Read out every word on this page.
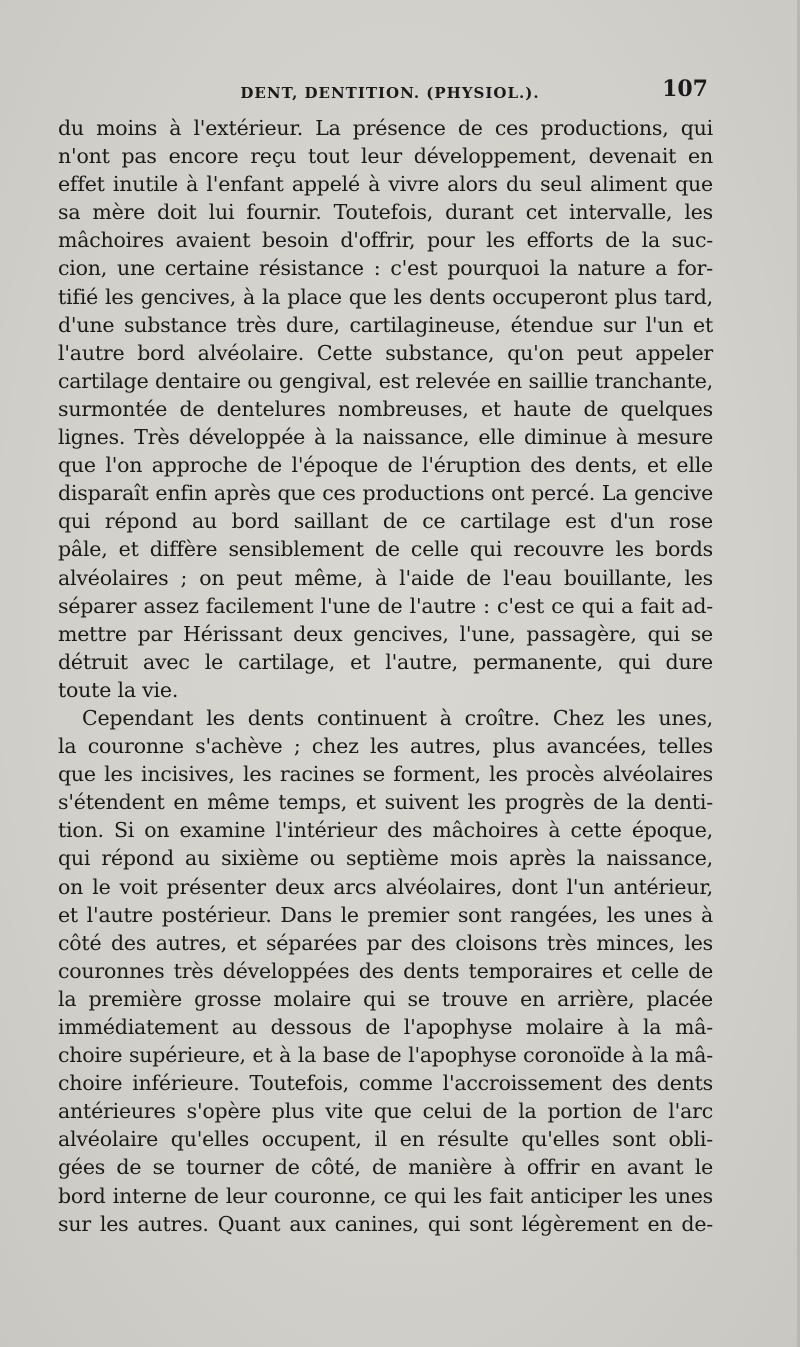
DENT, DENTITION. (PHYSIOL.).	107
du moins à l'extérieur. La présence de ces productions, qui
n'ont pas encore reçu tout leur développement, devenait en
effet inutile à l'enfant appelé à vivre alors du seul aliment que
sa mère doit lui fournir. Toutefois, durant cet intervalle, les
mâchoires avaient besoin d'offrir, pour les efforts de la suc-
cion, une certaine résistance : c'est pourquoi la nature a for-
tifié les gencives, à la place que les dents occuperont plus tard,
d'une substance très dure, cartilagineuse, étendue sur l'un et
l'autre bord alvéolaire. Cette substance, qu'on peut appeler
cartilage dentaire ou gengival, est relevée en saillie tranchante,
surmontée de dentelures nombreuses, et haute de quelques
lignes. Très développée à la naissance, elle diminue à mesure
que l'on approche de l'époque de l'éruption des dents, et elle
disparaît enfin après que ces productions ont percé. La gencive
qui répond au bord saillant de ce cartilage est d'un rose
pâle, et diffère sensiblement de celle qui recouvre les bords
alvéolaires ; on peut même, à l'aide de l'eau bouillante, les
séparer assez facilement l'une de l'autre : c'est ce qui a fait ad-
mettre par Hérissant deux gencives, l'une, passagère, qui se
détruit avec le cartilage, et l'autre, permanente, qui dure
toute la vie.
Cependant les dents continuent à croître. Chez les unes,
la couronne s'achève ; chez les autres, plus avancées, telles
que les incisives, les racines se forment, les procès alvéolaires
s'étendent en même temps, et suivent les progrès de la denti-
tion. Si on examine l'intérieur des mâchoires à cette époque,
qui répond au sixième ou septième mois après la naissance,
on le voit présenter deux arcs alvéolaires, dont l'un antérieur,
et l'autre postérieur. Dans le premier sont rangées, les unes à
côté des autres, et séparées par des cloisons très minces, les
couronnes très développées des dents temporaires et celle de
la première grosse molaire qui se trouve en arrière, placée
immédiatement au dessous de l'apophyse molaire à la mâ-
choire supérieure, et à la base de l'apophyse coronoïde à la mâ-
choire inférieure. Toutefois, comme l'accroissement des dents
antérieures s'opère plus vite que celui de la portion de l'arc
alvéolaire qu'elles occupent, il en résulte qu'elles sont obli-
gées de se tourner de côté, de manière à offrir en avant le
bord interne de leur couronne, ce qui les fait anticiper les unes
sur les autres. Quant aux canines, qui sont légèrement en de-
